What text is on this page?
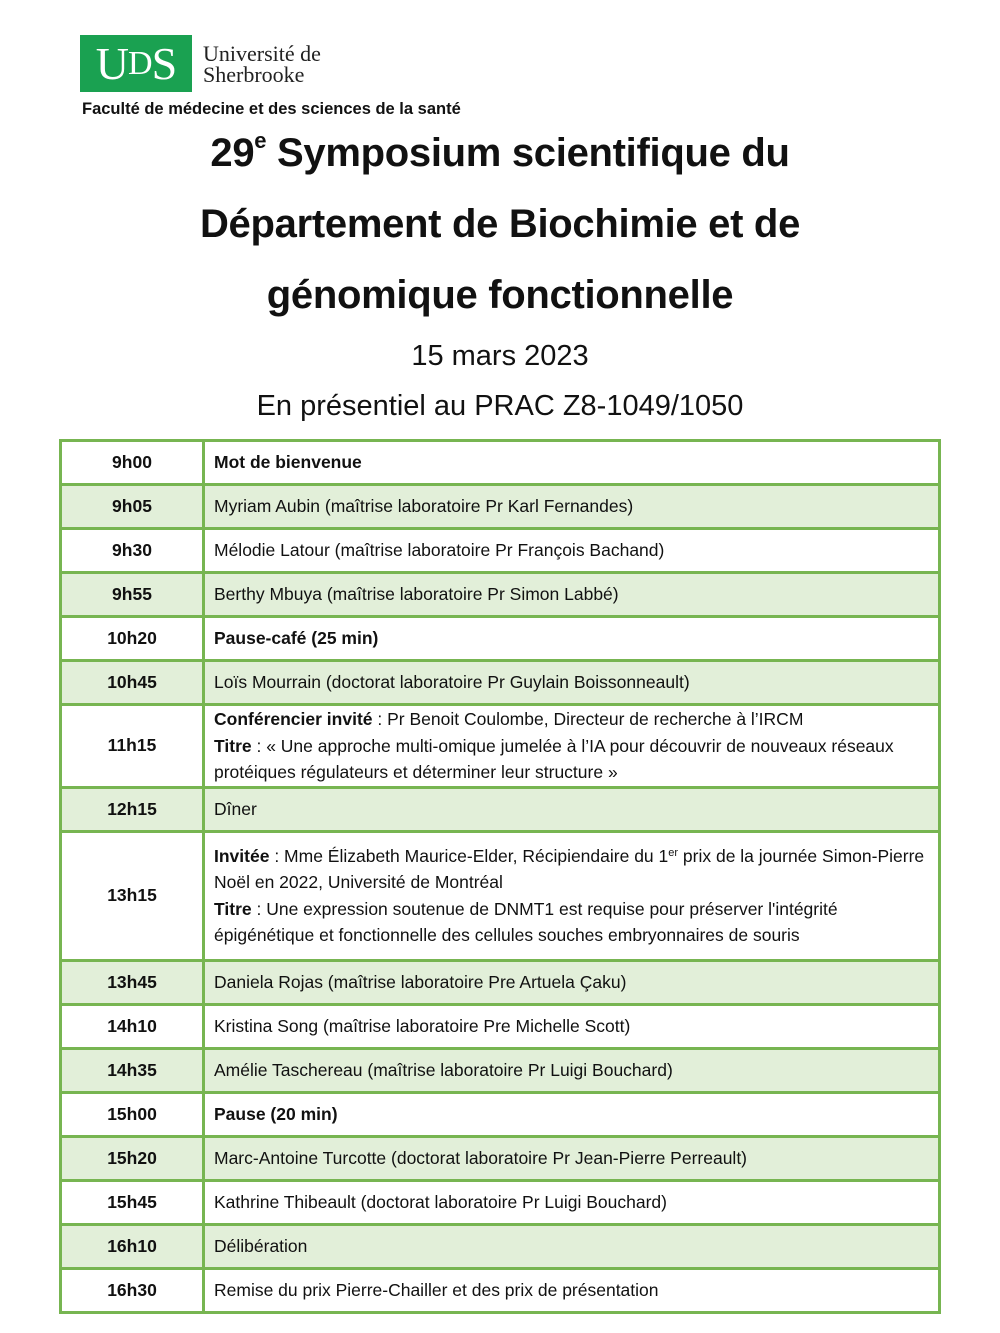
U D S Université de
Sherbrooke
Faculté de médecine et des sciences de la santé
29e Symposium scientifique du
Département de Biochimie et de
génomique fonctionnelle
15 mars 2023
En présentiel au PRAC Z8-1049/1050
9h00	Mot de bienvenue
9h05	Myriam Aubin (maîtrise laboratoire Pr Karl Fernandes)
9h30	Mélodie Latour (maîtrise laboratoire Pr François Bachand)
9h55	Berthy Mbuya (maîtrise laboratoire Pr Simon Labbé)
10h20	Pause-café (25 min)
10h45	Loïs Mourrain (doctorat laboratoire Pr Guylain Boissonneault)
11h15	Conférencier invité : Pr Benoit Coulombe, Directeur de recherche à l’IRCM
Titre : « Une approche multi-omique jumelée à l’IA pour découvrir de nouveaux réseaux protéiques régulateurs et déterminer leur structure »
12h15	Dîner
13h15	Invitée : Mme Élizabeth Maurice-Elder, Récipiendaire du 1er prix de la journée Simon-Pierre Noël en 2022, Université de Montréal
Titre : Une expression soutenue de DNMT1 est requise pour préserver l'intégrité épigénétique et fonctionnelle des cellules souches embryonnaires de souris
13h45	Daniela Rojas (maîtrise laboratoire Pre Artuela Çaku)
14h10	Kristina Song (maîtrise laboratoire Pre Michelle Scott)
14h35	Amélie Taschereau (maîtrise laboratoire Pr Luigi Bouchard)
15h00	Pause (20 min)
15h20	Marc-Antoine Turcotte (doctorat laboratoire Pr Jean-Pierre Perreault)
15h45	Kathrine Thibeault (doctorat laboratoire Pr Luigi Bouchard)
16h10	Délibération
16h30	Remise du prix Pierre-Chailler et des prix de présentation
